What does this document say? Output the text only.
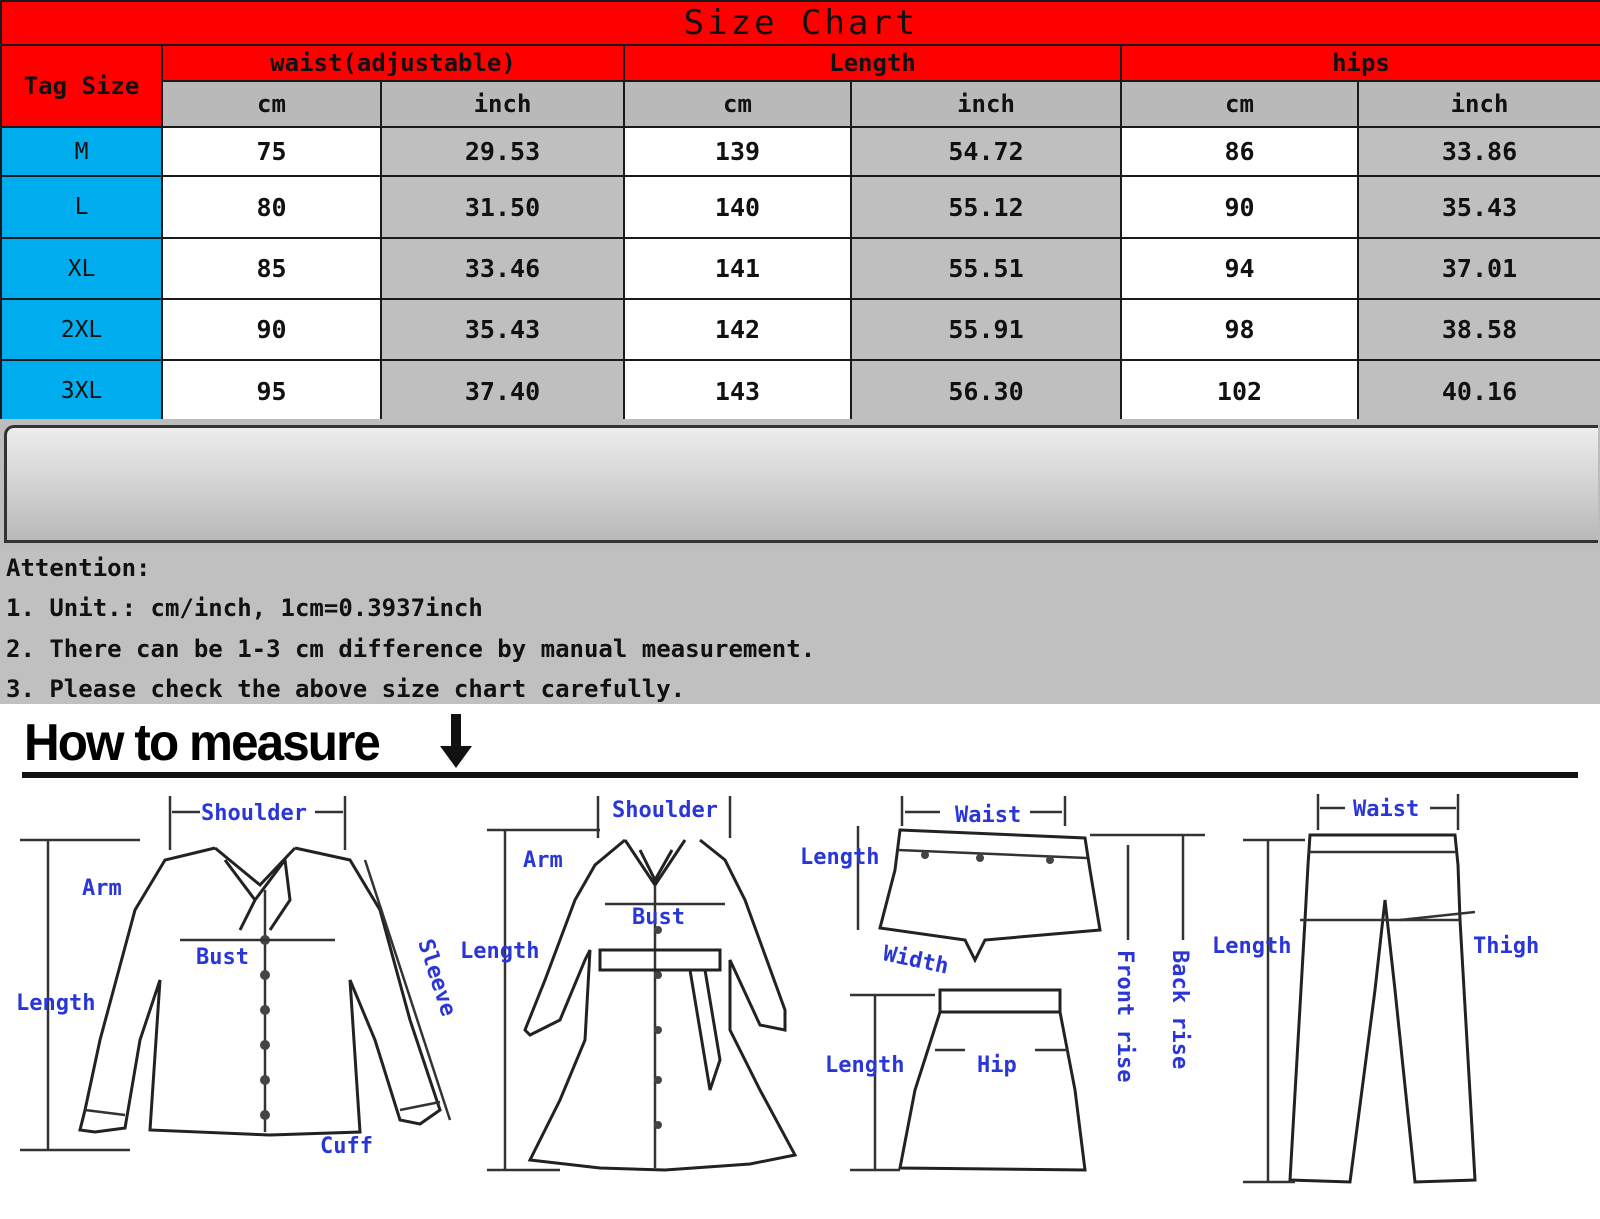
Size Chart						
Tag Size	waist(adjustable)		Length		hips	
	cm	inch	cm	inch	cm	inch
M	75	29.53	139	54.72	86	33.86
L	80	31.50	140	55.12	90	35.43
XL	85	33.46	141	55.51	94	37.01
2XL	90	35.43	142	55.91	98	38.58
3XL	95	37.40	143	56.30	102	40.16
Attention:
1. Unit.: cm/inch, 1cm=0.3937inch
2. There can be 1-3 cm difference by manual measurement.
3. Please check the above size chart carefully.
How to measure
Shoulder
Arm
Bust
Length	Sleeve
Cuff
Shoulder
Arm
Bust
Length
Waist
Length
Width	Front rise Back rise
Length	Hip
Waist
Length	Thigh
